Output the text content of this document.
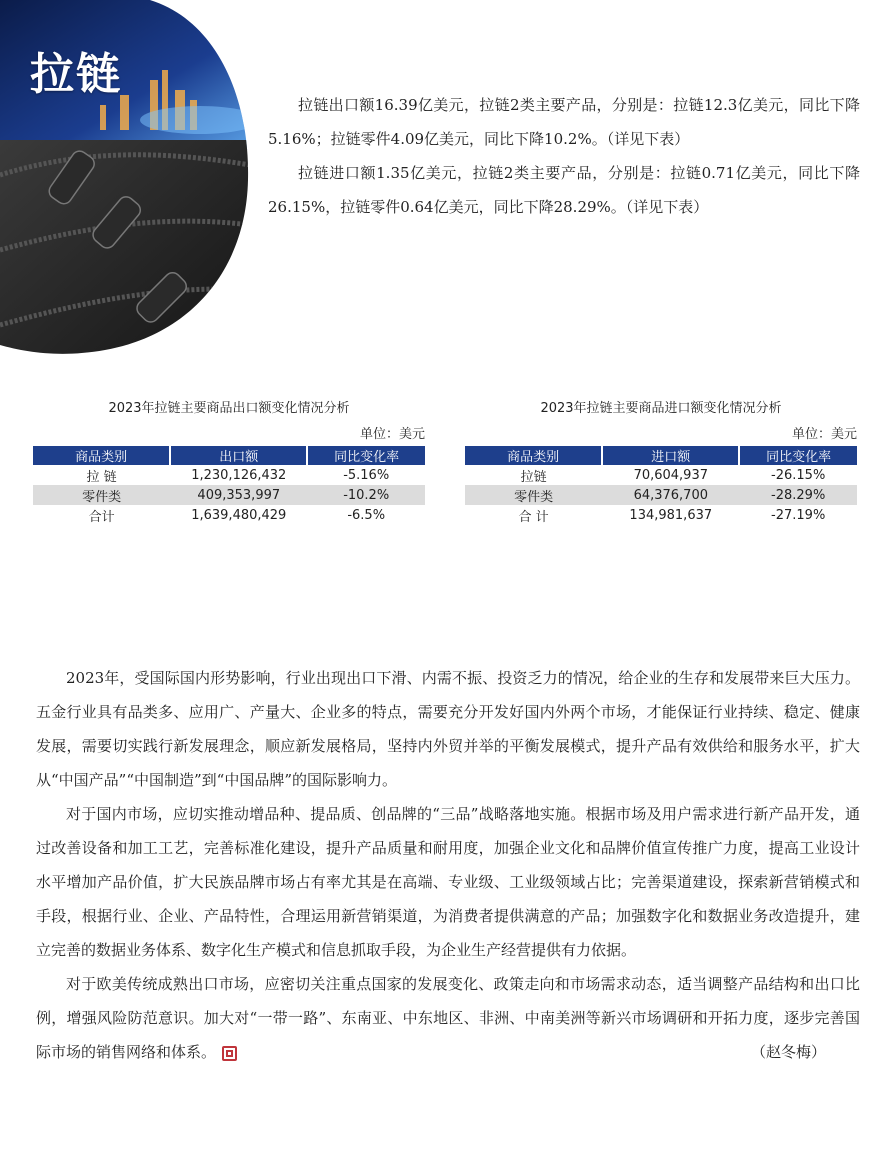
拉链

拉链出口额16.39亿美元，拉链2类主要产品，分别是：拉链12.3亿美元，同比下降5.16%；拉链零件4.09亿美元，同比下降10.2%。（详见下表）

拉链进口额1.35亿美元，拉链2类主要产品，分别是：拉链0.71亿美元，同比下降26.15%，拉链零件0.64亿美元，同比下降28.29%。（详见下表）

2023年拉链主要商品出口额变化情况分析
单位：美元
商品类别	出口额	同比变化率
拉 链	1,230,126,432	-5.16%
零件类	409,353,997	-10.2%
合计	1,639,480,429	-6.5%
2023年拉链主要商品进口额变化情况分析
单位：美元
商品类别	进口额	同比变化率
拉链	70,604,937	-26.15%
零件类	64,376,700	-28.29%
合 计	134,981,637	-27.19%

2023年，受国际国内形势影响，行业出现出口下滑、内需不振、投资乏力的情况，给企业的生存和发展带来巨大压力。五金行业具有品类多、应用广、产量大、企业多的特点，需要充分开发好国内外两个市场，才能保证行业持续、稳定、健康发展，需要切实践行新发展理念，顺应新发展格局，坚持内外贸并举的平衡发展模式，提升产品有效供给和服务水平，扩大从“中国产品”“中国制造”到“中国品牌”的国际影响力。

对于国内市场，应切实推动增品种、提品质、创品牌的“三品”战略落地实施。根据市场及用户需求进行新产品开发，通过改善设备和加工工艺，完善标准化建设，提升产品质量和耐用度，加强企业文化和品牌价值宣传推广力度，提高工业设计水平增加产品价值，扩大民族品牌市场占有率尤其是在高端、专业级、工业级领域占比；完善渠道建设，探索新营销模式和手段，根据行业、企业、产品特性，合理运用新营销渠道，为消费者提供满意的产品；加强数字化和数据业务改造提升，建立完善的数据业务体系、数字化生产模式和信息抓取手段，为企业生产经营提供有力依据。

对于欧美传统成熟出口市场，应密切关注重点国家的发展变化、政策走向和市场需求动态，适当调整产品结构和出口比例，增强风险防范意识。加大对“一带一路”、东南亚、中东地区、非洲、中南美洲等新兴市场调研和开拓力度，逐步完善国际市场的销售网络和体系。	（赵冬梅）
